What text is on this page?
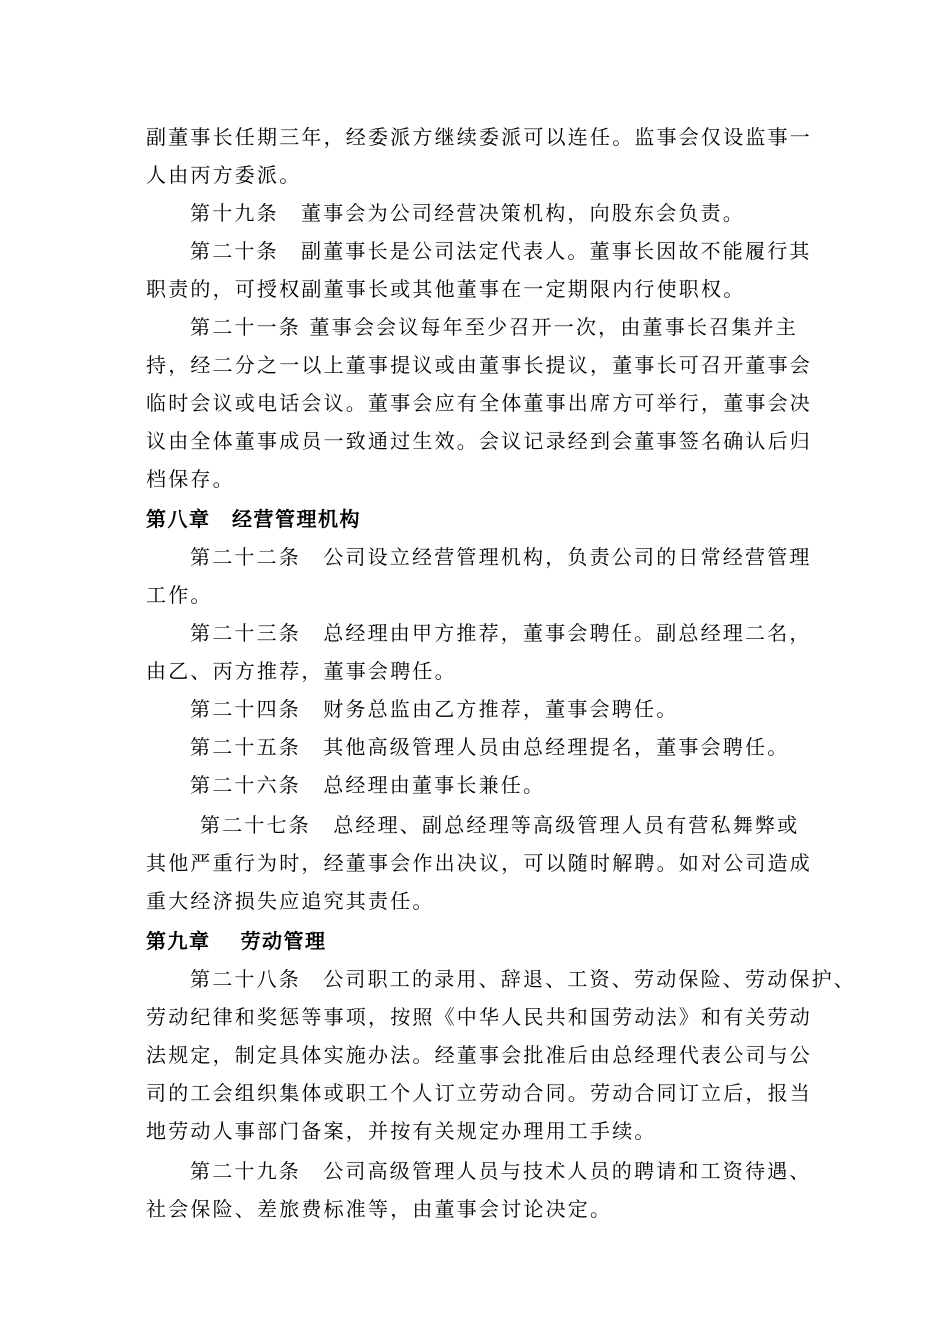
副董事长任期三年，经委派方继续委派可以连任。监事会仅设监事一
人由丙方委派。
第十九条　董事会为公司经营决策机构，向股东会负责。
第二十条　副董事长是公司法定代表人。董事长因故不能履行其
职责的，可授权副董事长或其他董事在一定期限内行使职权。
第二十一条 董事会会议每年至少召开一次，由董事长召集并主
持，经二分之一以上董事提议或由董事长提议，董事长可召开董事会
临时会议或电话会议。董事会应有全体董事出席方可举行，董事会决
议由全体董事成员一致通过生效。会议记录经到会董事签名确认后归
档保存。
第八章　经营管理机构
第二十二条　公司设立经营管理机构，负责公司的日常经营管理
工作。
第二十三条　总经理由甲方推荐，董事会聘任。副总经理二名，
由乙、丙方推荐，董事会聘任。
第二十四条　财务总监由乙方推荐，董事会聘任。
第二十五条　其他高级管理人员由总经理提名，董事会聘任。
第二十六条　总经理由董事长兼任。
第二十七条　总经理、副总经理等高级管理人员有营私舞弊或
其他严重行为时，经董事会作出决议，可以随时解聘。如对公司造成
重大经济损失应追究其责任。
第九章　 劳动管理
第二十八条　公司职工的录用、辞退、工资、劳动保险、劳动保护、
劳动纪律和奖惩等事项，按照《中华人民共和国劳动法》和有关劳动
法规定，制定具体实施办法。经董事会批准后由总经理代表公司与公
司的工会组织集体或职工个人订立劳动合同。劳动合同订立后，报当
地劳动人事部门备案，并按有关规定办理用工手续。
第二十九条　公司高级管理人员与技术人员的聘请和工资待遇、
社会保险、差旅费标准等，由董事会讨论决定。
